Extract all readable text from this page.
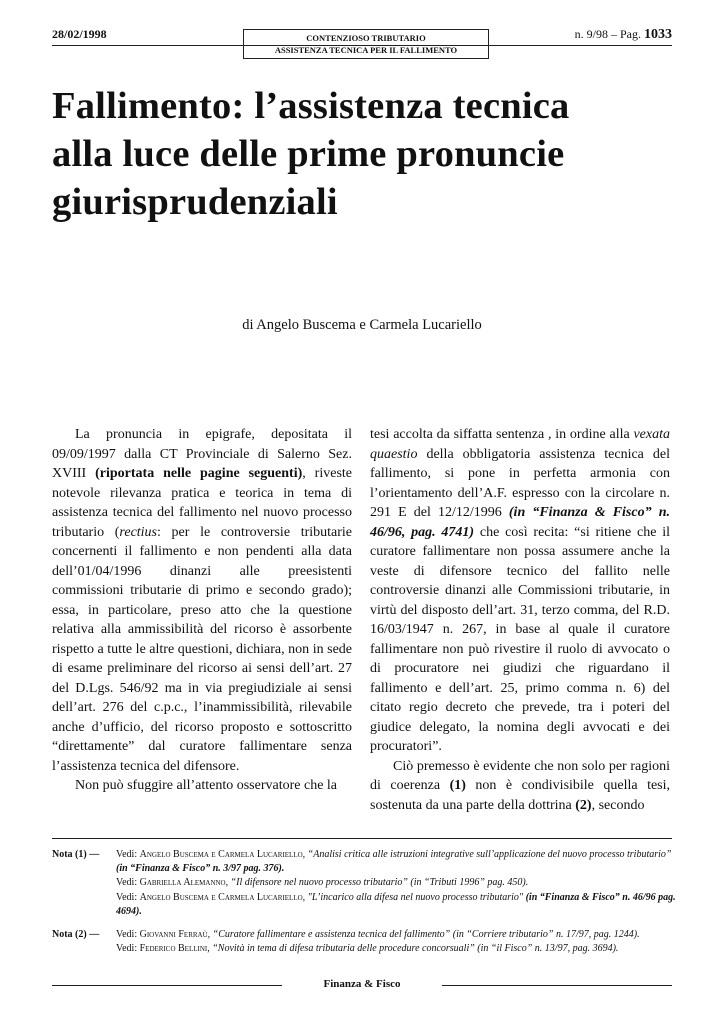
28/02/1998	CONTENZIOSO TRIBUTARIO
ASSISTENZA TECNICA PER IL FALLIMENTO
n. 9/98 – Pag. 1033
Fallimento: l’assistenza tecnica
alla luce delle prime pronuncie
giurisprudenziali
di Angelo Buscema e Carmela Lucariello

La pronuncia in epigrafe, depositata il 09/09/1997 dalla CT Provinciale di Salerno Sez. XVIII (riportata nelle pagine seguenti), riveste notevole rilevanza pratica e teorica in tema di assistenza tecnica del fallimento nel nuovo processo tributario (rectius: per le controversie tributarie concernenti il fallimento e non pendenti alla data dell’01/04/1996 dinanzi alle preesistenti commissioni tributarie di primo e secondo grado); essa, in particolare, preso atto che la questione relativa alla ammissibilità del ricorso è assorbente rispetto a tutte le altre questioni, dichiara, non in sede di esame preliminare del ricorso ai sensi dell’art. 27 del D.Lgs. 546/92 ma in via pregiudiziale ai sensi dell’art. 276 del c.p.c., l’inammissibilità, rilevabile anche d’ufficio, del ricorso proposto e sottoscritto “direttamente” dal curatore fallimentare senza l’assistenza tecnica del difensore.

Non può sfuggire all’attento osservatore che la

tesi accolta da siffatta sentenza , in ordine alla vexata quaestio della obbligatoria assistenza tecnica del fallimento, si pone in perfetta armonia con l’orientamento dell’A.F. espresso con la circolare n. 291 E del 12/12/1996 (in “Finanza & Fisco” n. 46/96, pag. 4741) che così recita: “si ritiene che il curatore fallimentare non possa assumere anche la veste di difensore tecnico del fallito nelle controversie dinanzi alle Commissioni tributarie, in virtù del disposto dell’art. 31, terzo comma, del R.D. 16/03/1947 n. 267, in base al quale il curatore fallimentare non può rivestire il ruolo di avvocato o di procuratore nei giudizi che riguardano il fallimento e dell’art. 25, primo comma n. 6) del citato regio decreto che prevede, tra i poteri del giudice delegato, la nomina degli avvocati e dei procuratori”.

Ciò premesso è evidente che non solo per ragioni di coerenza (1) non è condivisibile quella tesi, sostenuta da una parte della dottrina (2), secondo

Nota (1) — Vedi: Angelo Buscema e Carmela Lucariello, “Analisi critica alle istruzioni integrative sull’applicazione del nuovo processo tributario” (in “Finanza & Fisco” n. 3/97 pag. 376).
Vedi: Gabriella Alemanno, “Il difensore nel nuovo processo tributario” (in “Tributi 1996” pag. 450).
Vedi: Angelo Buscema e Carmela Lucariello, "L’incarico alla difesa nel nuovo processo tributario" (in “Finanza & Fisco” n. 46/96 pag. 4694).
Nota (2) — Vedi: Giovanni Ferraù, “Curatore fallimentare e assistenza tecnica del fallimento” (in “Corriere tributario” n. 17/97, pag. 1244).
Vedi: Federico Bellini, “Novità in tema di difesa tributaria delle procedure concorsuali” (in “il Fisco” n. 13/97, pag. 3694).
Finanza & Fisco
